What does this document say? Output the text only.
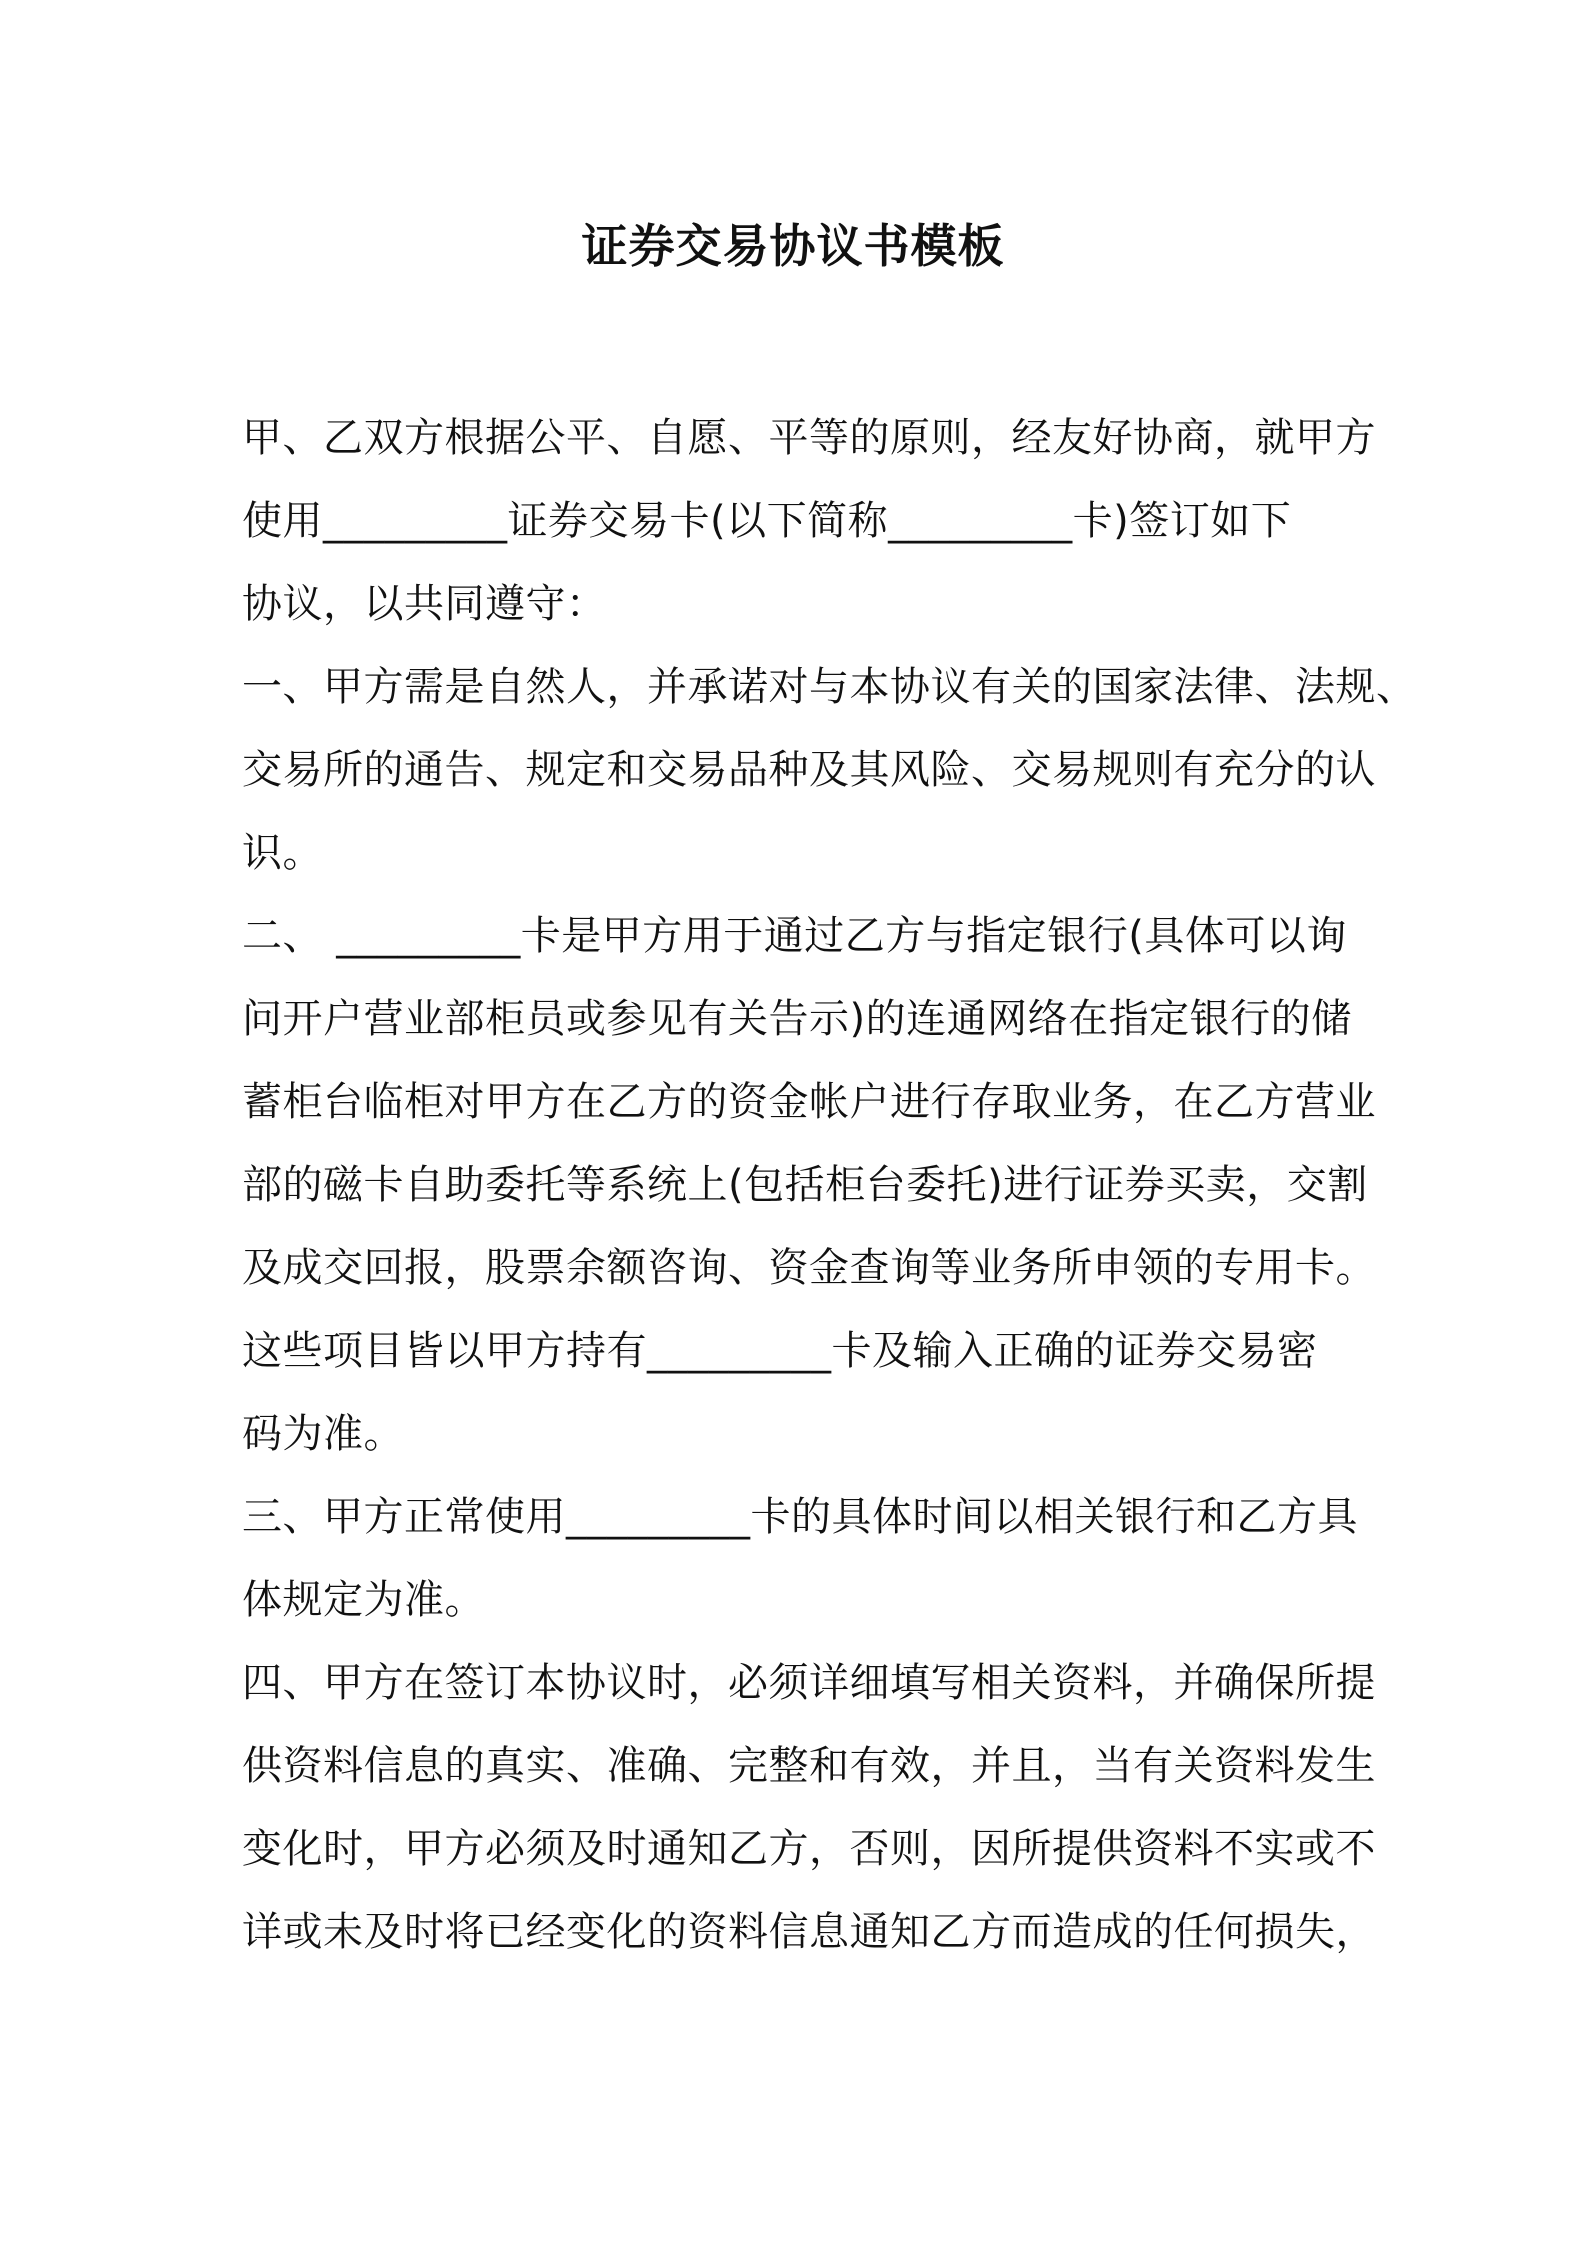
证券交易协议书模板

甲、乙双方根据公平、自愿、平等的原则，经友好协商，就甲方

使用_________证券交易卡(以下简称_________卡)签订如下

协议，以共同遵守：

一、甲方需是自然人，并承诺对与本协议有关的国家法律、法规、

交易所的通告、规定和交易品种及其风险、交易规则有充分的认

识。

二、 _________卡是甲方用于通过乙方与指定银行(具体可以询

问开户营业部柜员或参见有关告示)的连通网络在指定银行的储

蓄柜台临柜对甲方在乙方的资金帐户进行存取业务，在乙方营业

部的磁卡自助委托等系统上(包括柜台委托)进行证券买卖，交割

及成交回报，股票余额咨询、资金查询等业务所申领的专用卡。

这些项目皆以甲方持有_________卡及输入正确的证券交易密

码为准。

三、甲方正常使用_________卡的具体时间以相关银行和乙方具

体规定为准。

四、甲方在签订本协议时，必须详细填写相关资料，并确保所提

供资料信息的真实、准确、完整和有效，并且，当有关资料发生

变化时，甲方必须及时通知乙方，否则，因所提供资料不实或不

详或未及时将已经变化的资料信息通知乙方而造成的任何损失，
